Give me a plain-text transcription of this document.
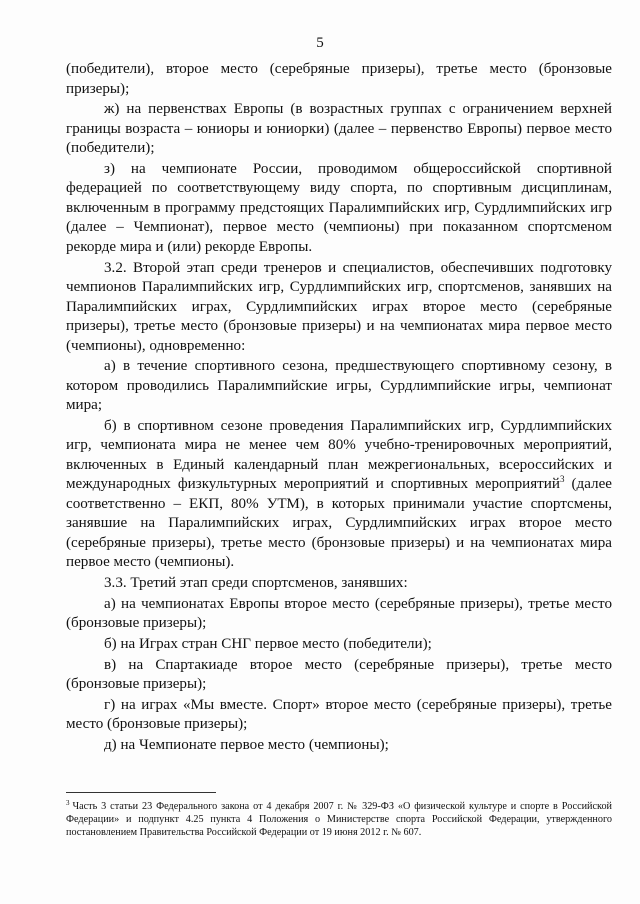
5

(победители), второе место (серебряные призеры), третье место (бронзовые призеры);

ж) на первенствах Европы (в возрастных группах с ограничением верхней границы возраста – юниоры и юниорки) (далее – первенство Европы) первое место (победители);

з) на чемпионате России, проводимом общероссийской спортивной федерацией по соответствующему виду спорта, по спортивным дисциплинам, включенным в программу предстоящих Паралимпийских игр, Сурдлимпийских игр (далее – Чемпионат), первое место (чемпионы) при показанном спортсменом рекорде мира и (или) рекорде Европы.

3.2. Второй этап среди тренеров и специалистов, обеспечивших подготовку чемпионов Паралимпийских игр, Сурдлимпийских игр, спортсменов, занявших на Паралимпийских играх, Сурдлимпийских играх второе место (серебряные призеры), третье место (бронзовые призеры) и на чемпионатах мира первое место (чемпионы), одновременно:

а) в течение спортивного сезона, предшествующего спортивному сезону, в котором проводились Паралимпийские игры, Сурдлимпийские игры, чемпионат мира;

б) в спортивном сезоне проведения Паралимпийских игр, Сурдлимпийских игр, чемпионата мира не менее чем 80% учебно-тренировочных мероприятий, включенных в Единый календарный план межрегиональных, всероссийских и международных физкультурных мероприятий и спортивных мероприятий$^3$ (далее соответственно – ЕКП, 80% УТМ), в которых принимали участие спортсмены, занявшие на Паралимпийских играх, Сурдлимпийских играх второе место (серебряные призеры), третье место (бронзовые призеры) и на чемпионатах мира первое место (чемпионы).

3.3. Третий этап среди спортсменов, занявших:

а) на чемпионатах Европы второе место (серебряные призеры), третье место (бронзовые призеры);

б) на Играх стран СНГ первое место (победители);

в) на Спартакиаде второе место (серебряные призеры), третье место (бронзовые призеры);

г) на играх «Мы вместе. Спорт» второе место (серебряные призеры), третье место (бронзовые призеры);

д) на Чемпионате первое место (чемпионы);

$^3$ Часть 3 статьи 23 Федерального закона от 4 декабря 2007 г. № 329-ФЗ «О физической культуре и спорте в Российской Федерации» и подпункт 4.25 пункта 4 Положения о Министерстве спорта Российской Федерации, утвержденного постановлением Правительства Российской Федерации от 19 июня 2012 г. № 607.
